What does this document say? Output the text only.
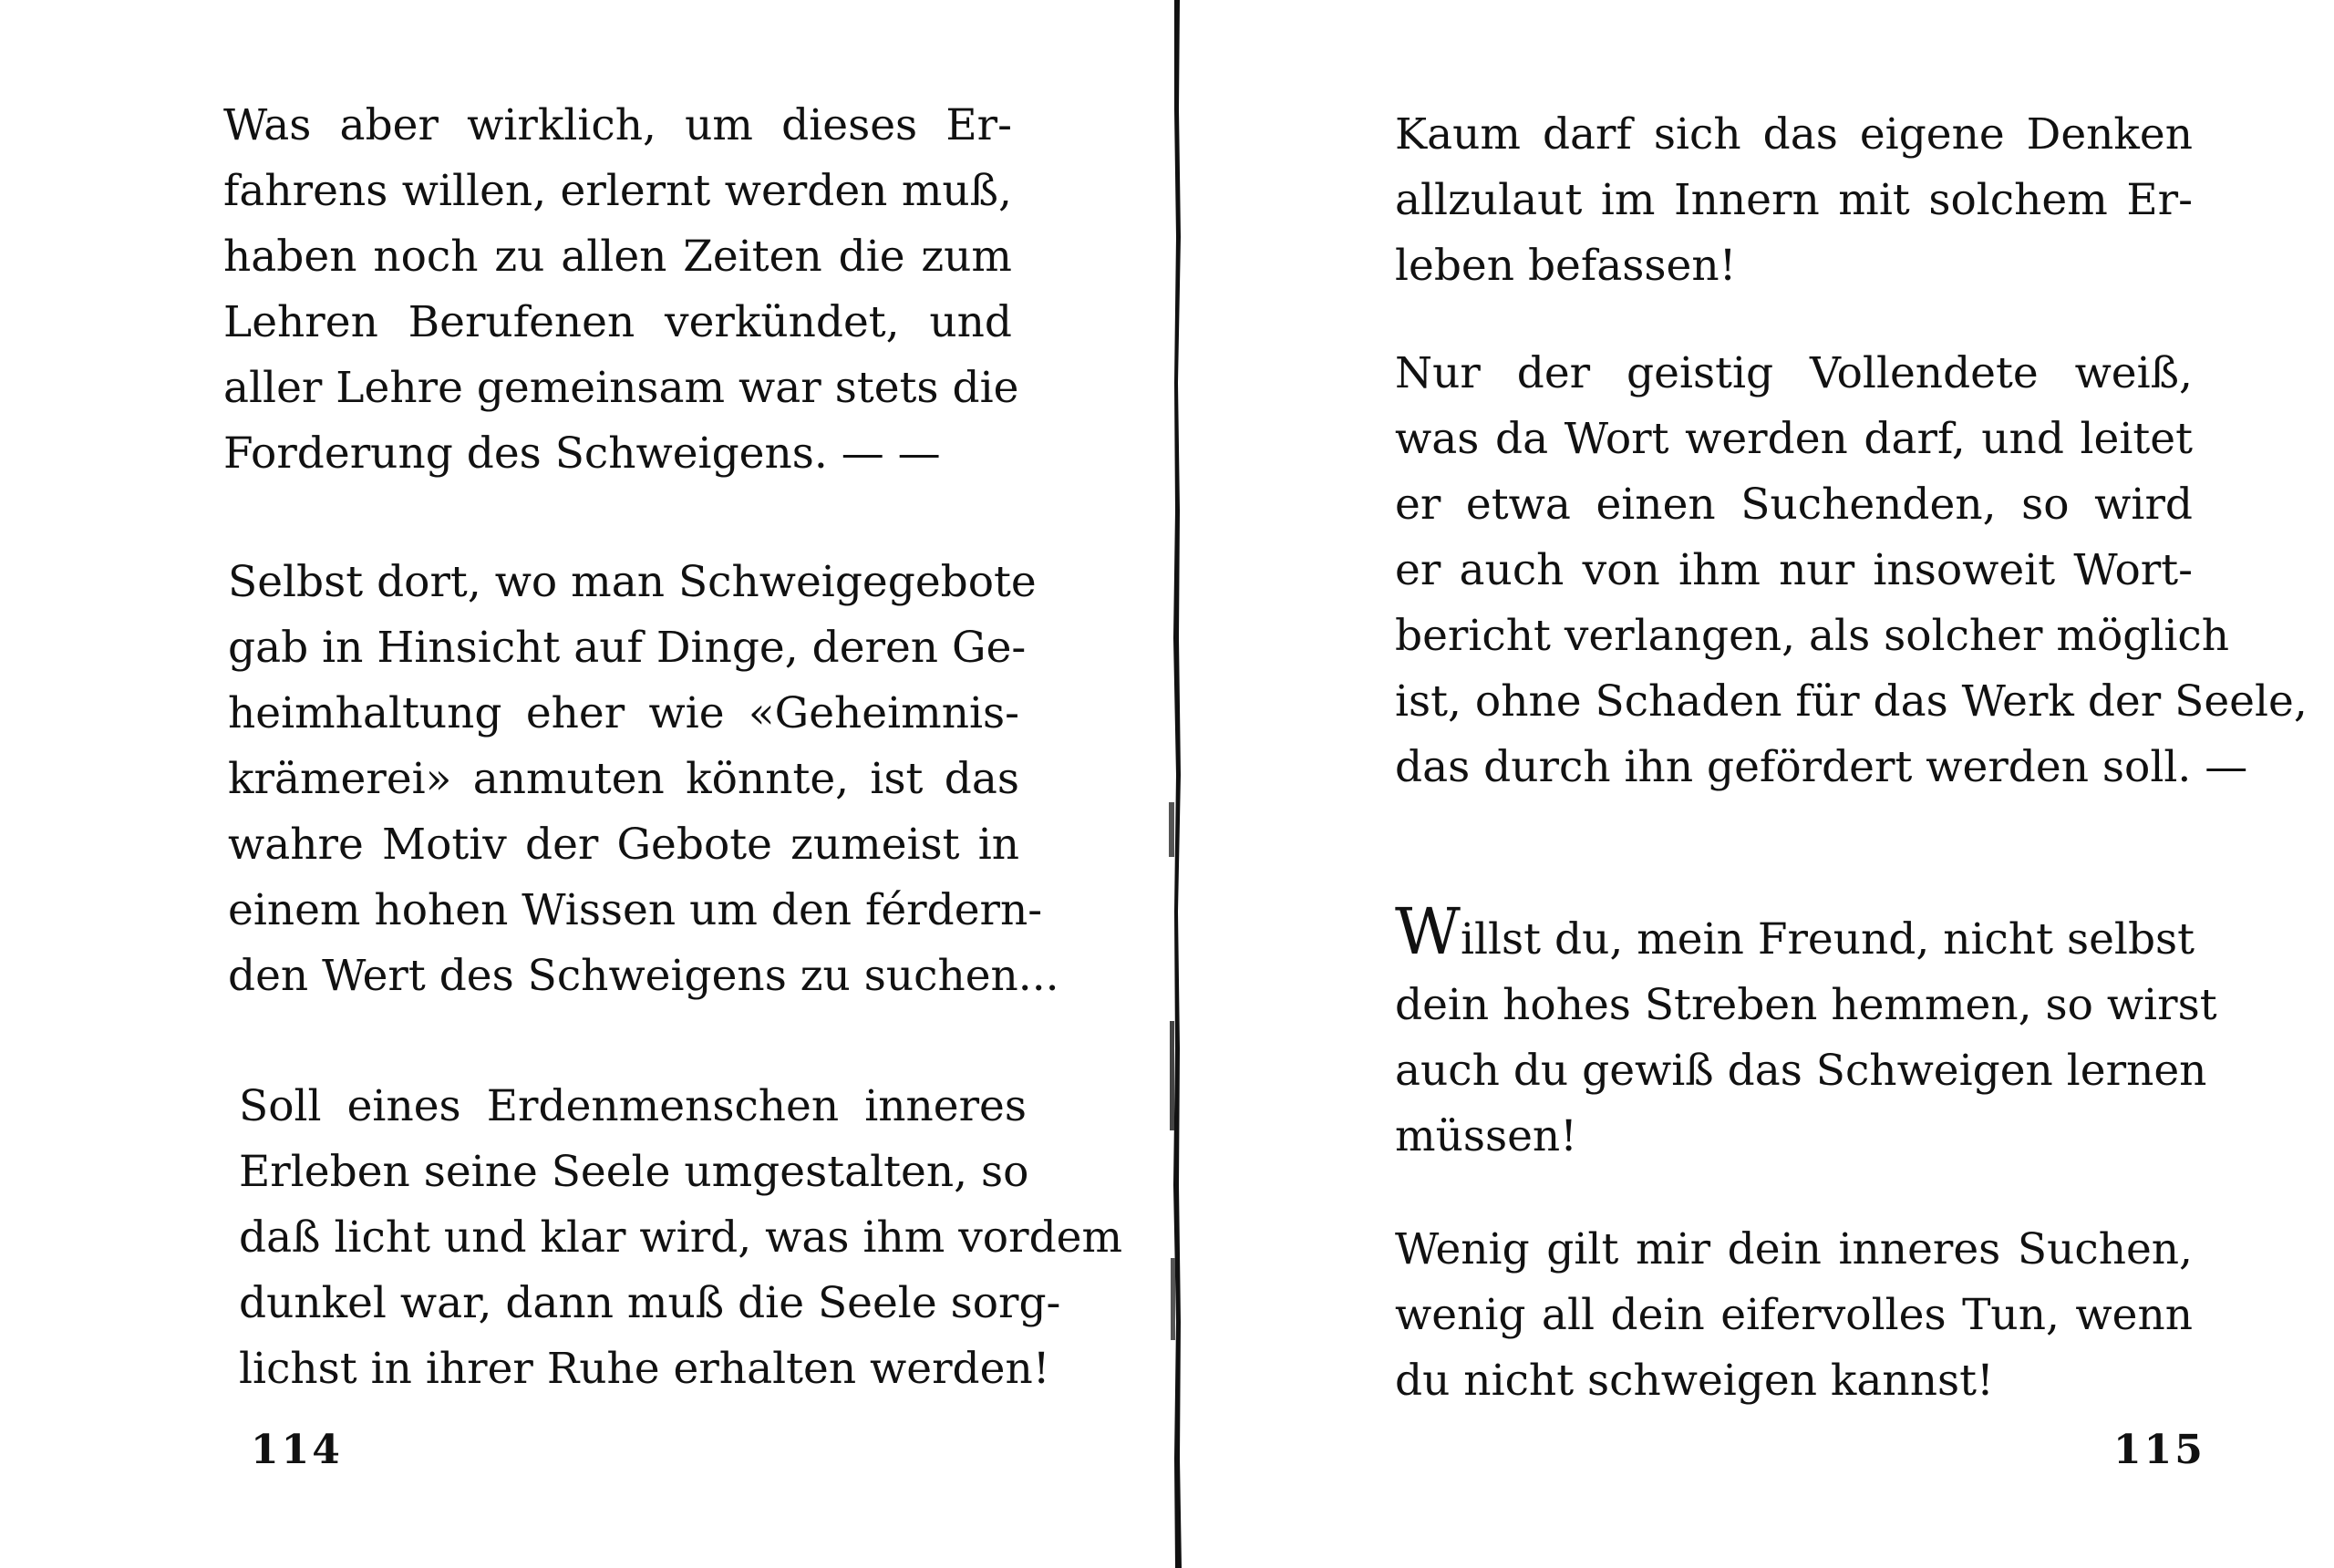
Was aber wirklich, um dieses Er-
fahrens willen, erlernt werden muß,
haben noch zu allen Zeiten die zum
Lehren Berufenen verkündet, und
aller Lehre gemeinsam war stets die
Forderung des Schweigens. — —

Selbst dort, wo man Schweigegebote
gab in Hinsicht auf Dinge, deren Ge-
heimhaltung eher wie «Geheimnis-
krämerei» anmuten könnte, ist das
wahre Motiv der Gebote zumeist in
einem hohen Wissen um den férdern-
den Wert des Schweigens zu suchen...

Soll eines Erdenmenschen inneres
Erleben seine Seele umgestalten, so
daß licht und klar wird, was ihm vordem
dunkel war, dann muß die Seele sorg-
lichst in ihrer Ruhe erhalten werden!

114

Kaum darf sich das eigene Denken
allzulaut im Innern mit solchem Er-
leben befassen!

Nur der geistig Vollendete weiß,
was da Wort werden darf, und leitet
er etwa einen Suchenden, so wird
er auch von ihm nur insoweit Wort-
bericht verlangen, als solcher möglich
ist, ohne Schaden für das Werk der Seele,
das durch ihn gefördert werden soll. —

Willst du, mein Freund, nicht selbst
dein hohes Streben hemmen, so wirst
auch du gewiß das Schweigen lernen
müssen!

Wenig gilt mir dein inneres Suchen,
wenig all dein eifervolles Tun, wenn
du nicht schweigen kannst!

115
